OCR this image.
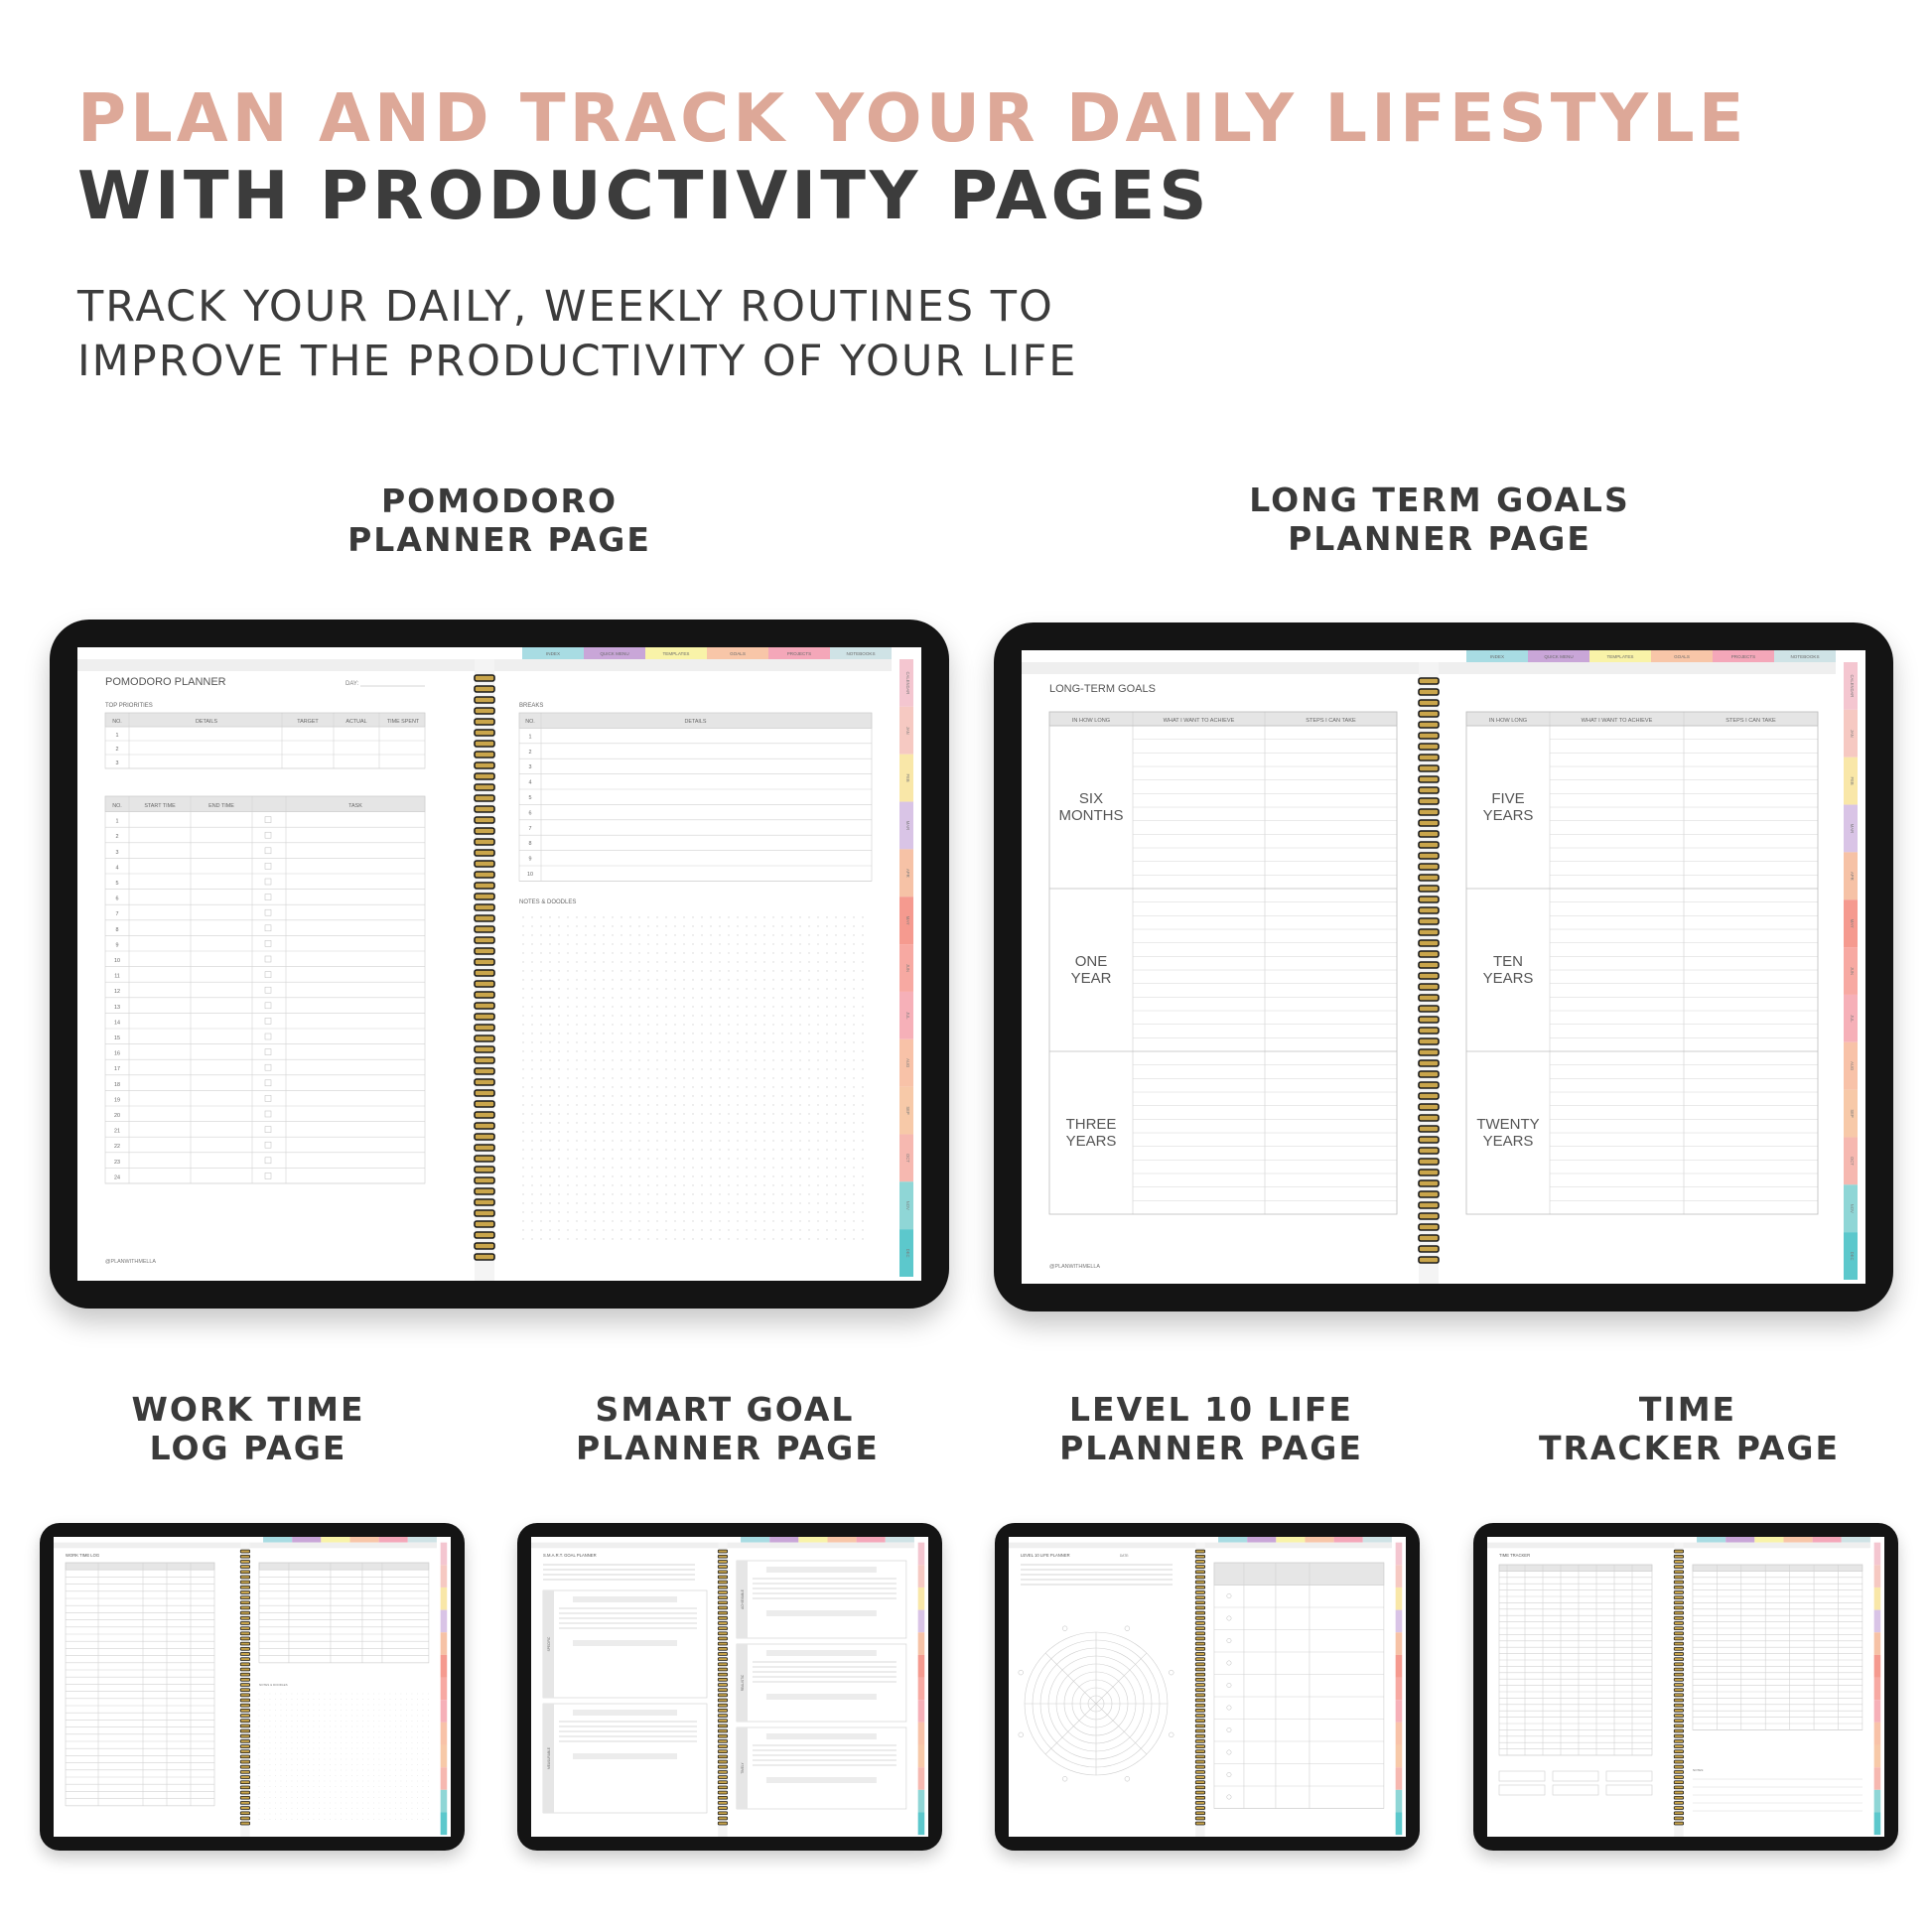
PLAN AND TRACK YOUR DAILY LIFESTYLE
WITH PRODUCTIVITY PAGES
TRACK YOUR DAILY, WEEKLY ROUTINES TO
IMPROVE THE PRODUCTIVITY OF YOUR LIFE
POMODORO
PLANNER PAGE
LONG TERM GOALS
PLANNER PAGE
WORK TIME
LOG PAGE
SMART GOAL
PLANNER PAGE
LEVEL 10 LIFE
PLANNER PAGE
TIME
TRACKER PAGE
INDEX	QUICK MENU	TEMPLATES	GOALS	PROJECTS	NOTEBOOKS
CALENDAR
JAN
FEB
MAR
APR
MAY
JUN
JUL
AUG
SEP
OCT
NOV
DEC
POMODORO PLANNER	DAY:
TOP PRIORITIES
NO.	DETAILS	TARGET	ACTUAL	TIME SPENT
1
2
3
NO.	START TIME	END TIME	TASK
1
2
3
4
5
6
7
8
9
10
11
12
13
14
15
16
17
18
19
20
21
22
23
24
BREAKS
NO.	DETAILS
1
2
3
4
5
6
7
8
9
10
NOTES & DOODLES
@PLANWITHMELLA
INDEX	QUICK MENU	TEMPLATES	GOALS	PROJECTS	NOTEBOOKS
CALENDAR
JAN
FEB
MAR
APR
MAY
JUN
JUL
AUG
SEP
OCT
NOV
DEC
LONG-TERM GOALS
IN HOW LONG	WHAT I WANT TO ACHIEVE	STEPS I CAN TAKE
SIX
MONTHS
ONE
YEAR
THREE
YEARS
IN HOW LONG	WHAT I WANT TO ACHIEVE	STEPS I CAN TAKE
FIVE
YEARS
TEN
YEARS
TWENTY
YEARS
@PLANWITHMELLA
WORK TIME LOG
NOTES & DOODLES
S.M.A.R.T. GOAL PLANNER
SPECIFIC
MEASURABLE
ACHIEVABLE
REALISTIC
TIMELY
LEVEL 10 LIFE PLANNER	DATE:	TIME TRACKER
NOTES:
